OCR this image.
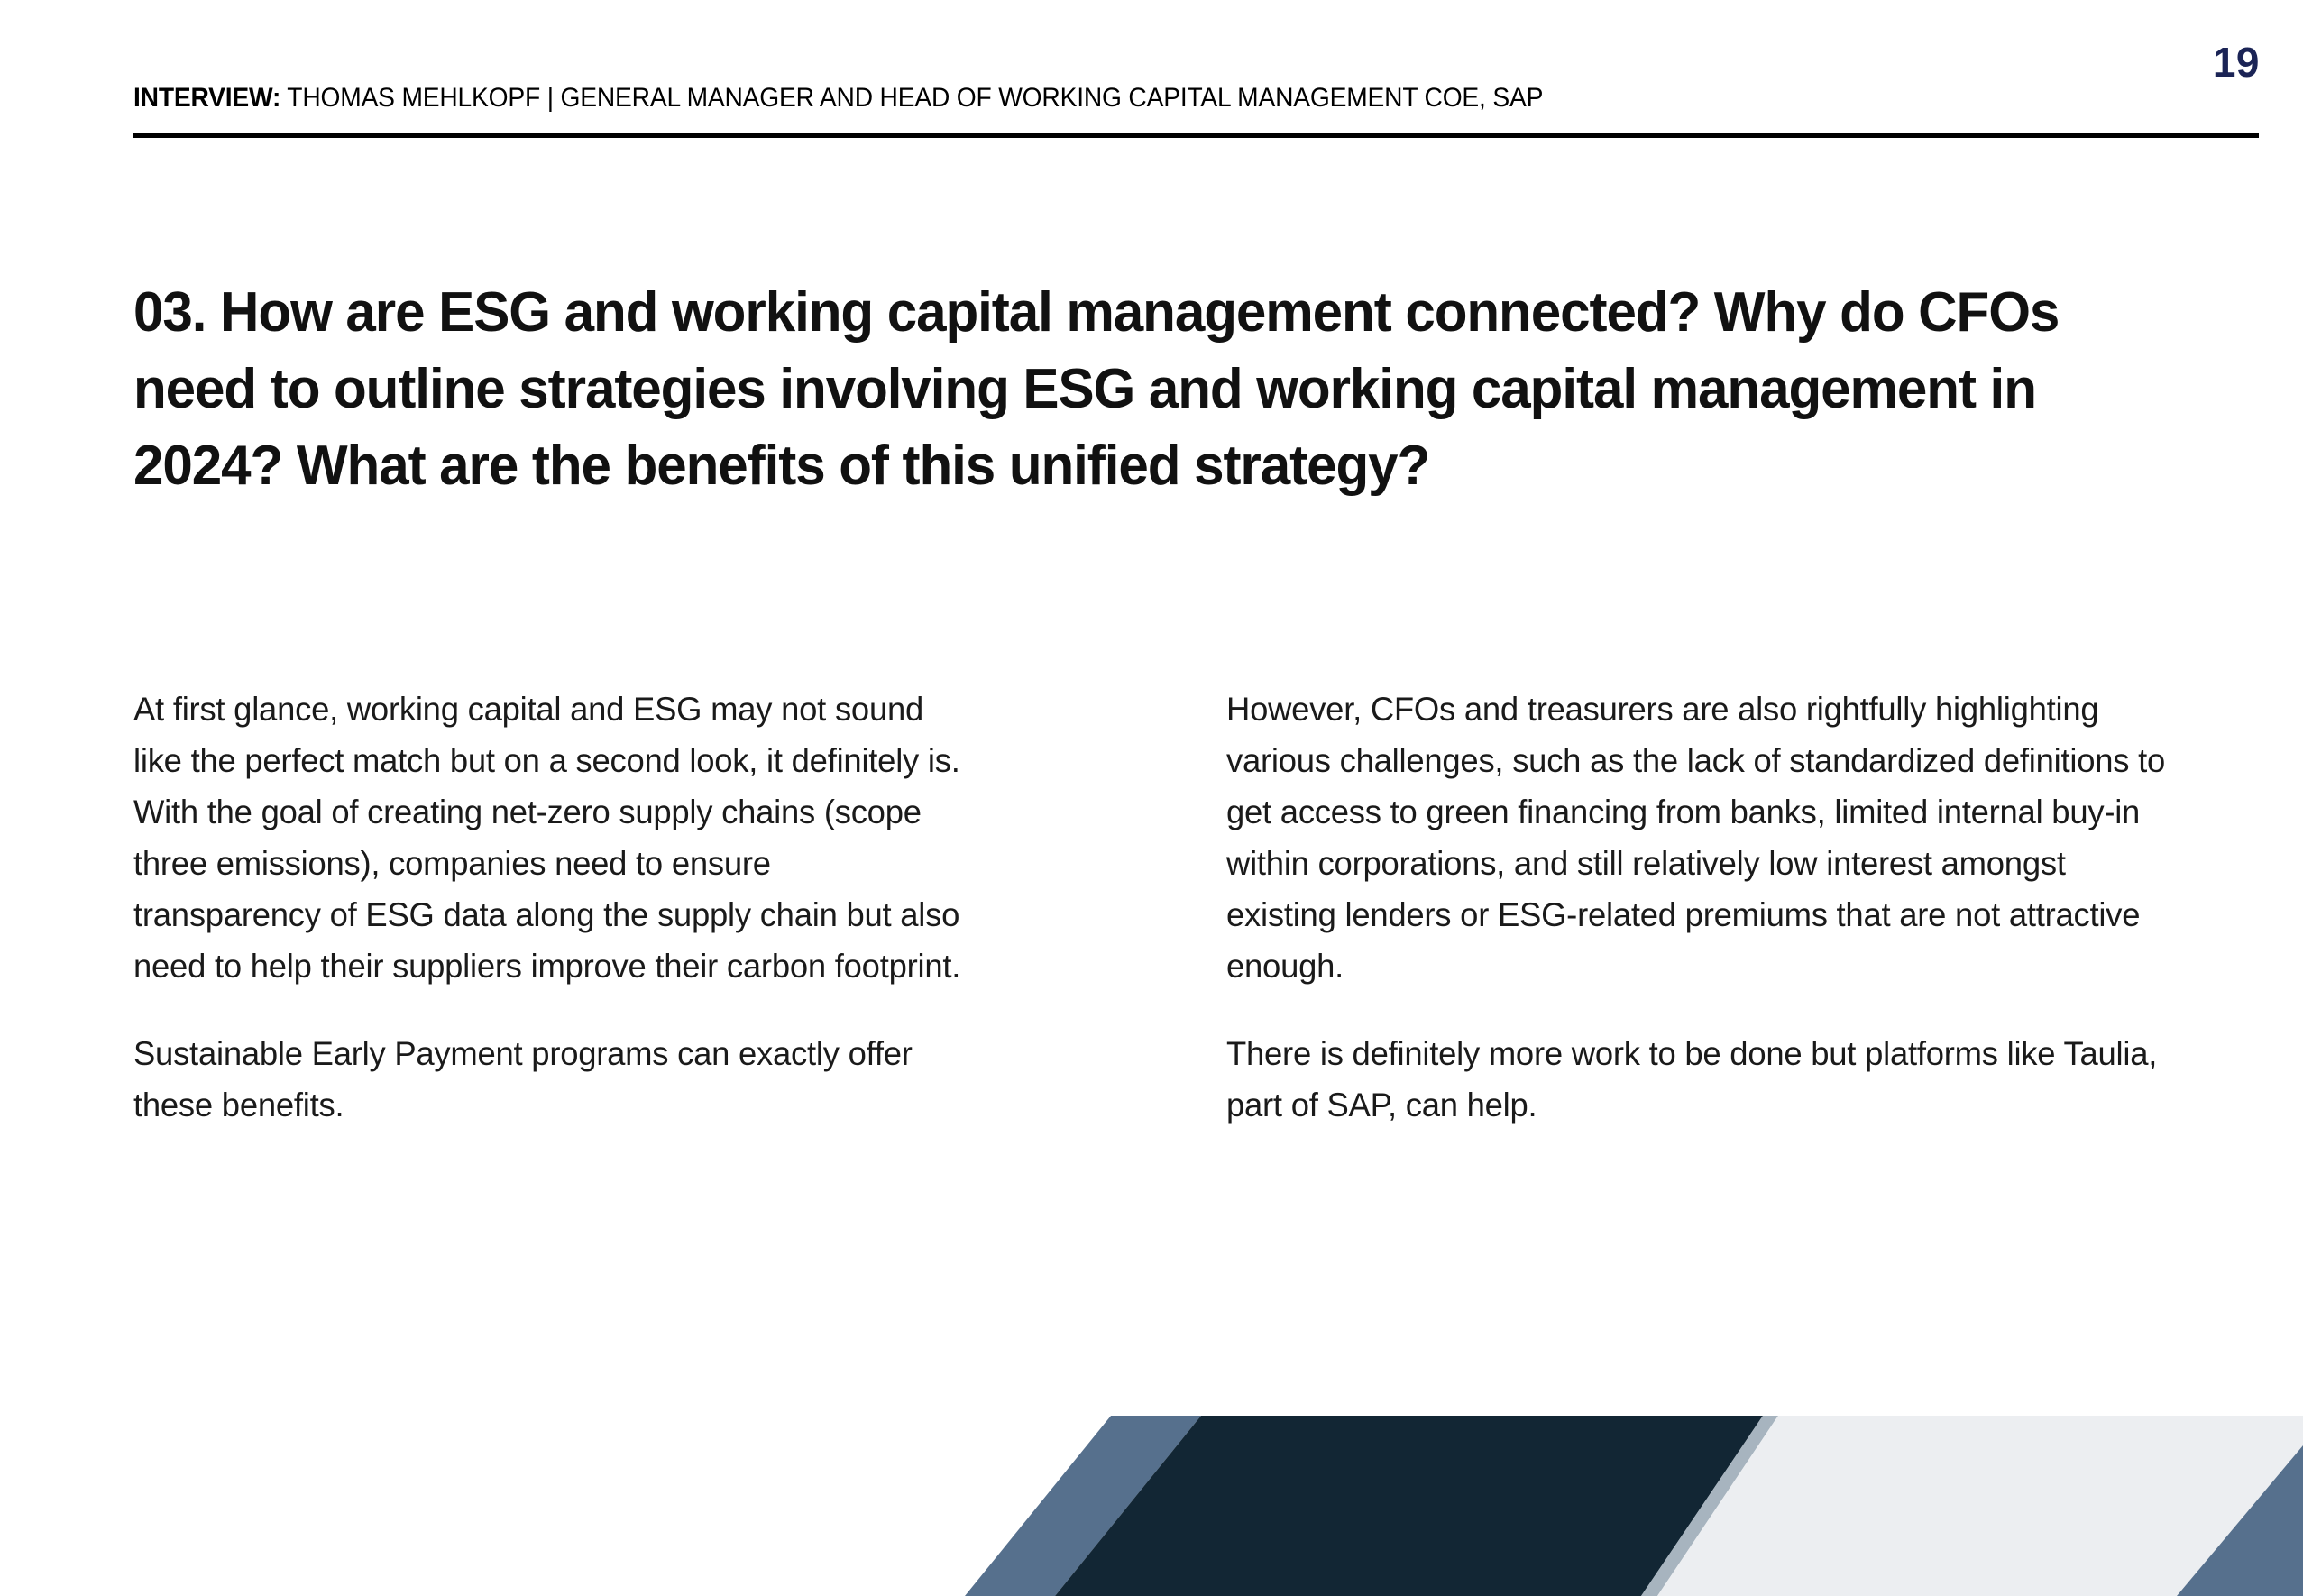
INTERVIEW: THOMAS MEHLKOPF | GENERAL MANAGER AND HEAD OF WORKING CAPITAL MANAGEMENT COE, SAP
19
03. How are ESG and working capital management connected? Why do CFOs need to outline strategies involving ESG and working capital management in 2024? What are the benefits of this unified strategy?

At first glance, working capital and ESG may not sound like the perfect match but on a second look, it definitely is. With the goal of creating net-zero supply chains (scope three emissions), companies need to ensure transparency of ESG data along the supply chain but also need to help their suppliers improve their carbon footprint.

Sustainable Early Payment programs can exactly offer these benefits.

However, CFOs and treasurers are also rightfully highlighting various challenges, such as the lack of standardized definitions to get access to green financing from banks, limited internal buy-in within corporations, and still relatively low interest amongst existing lenders or ESG-related premiums that are not attractive enough.

There is definitely more work to be done but platforms like Taulia, part of SAP, can help.
